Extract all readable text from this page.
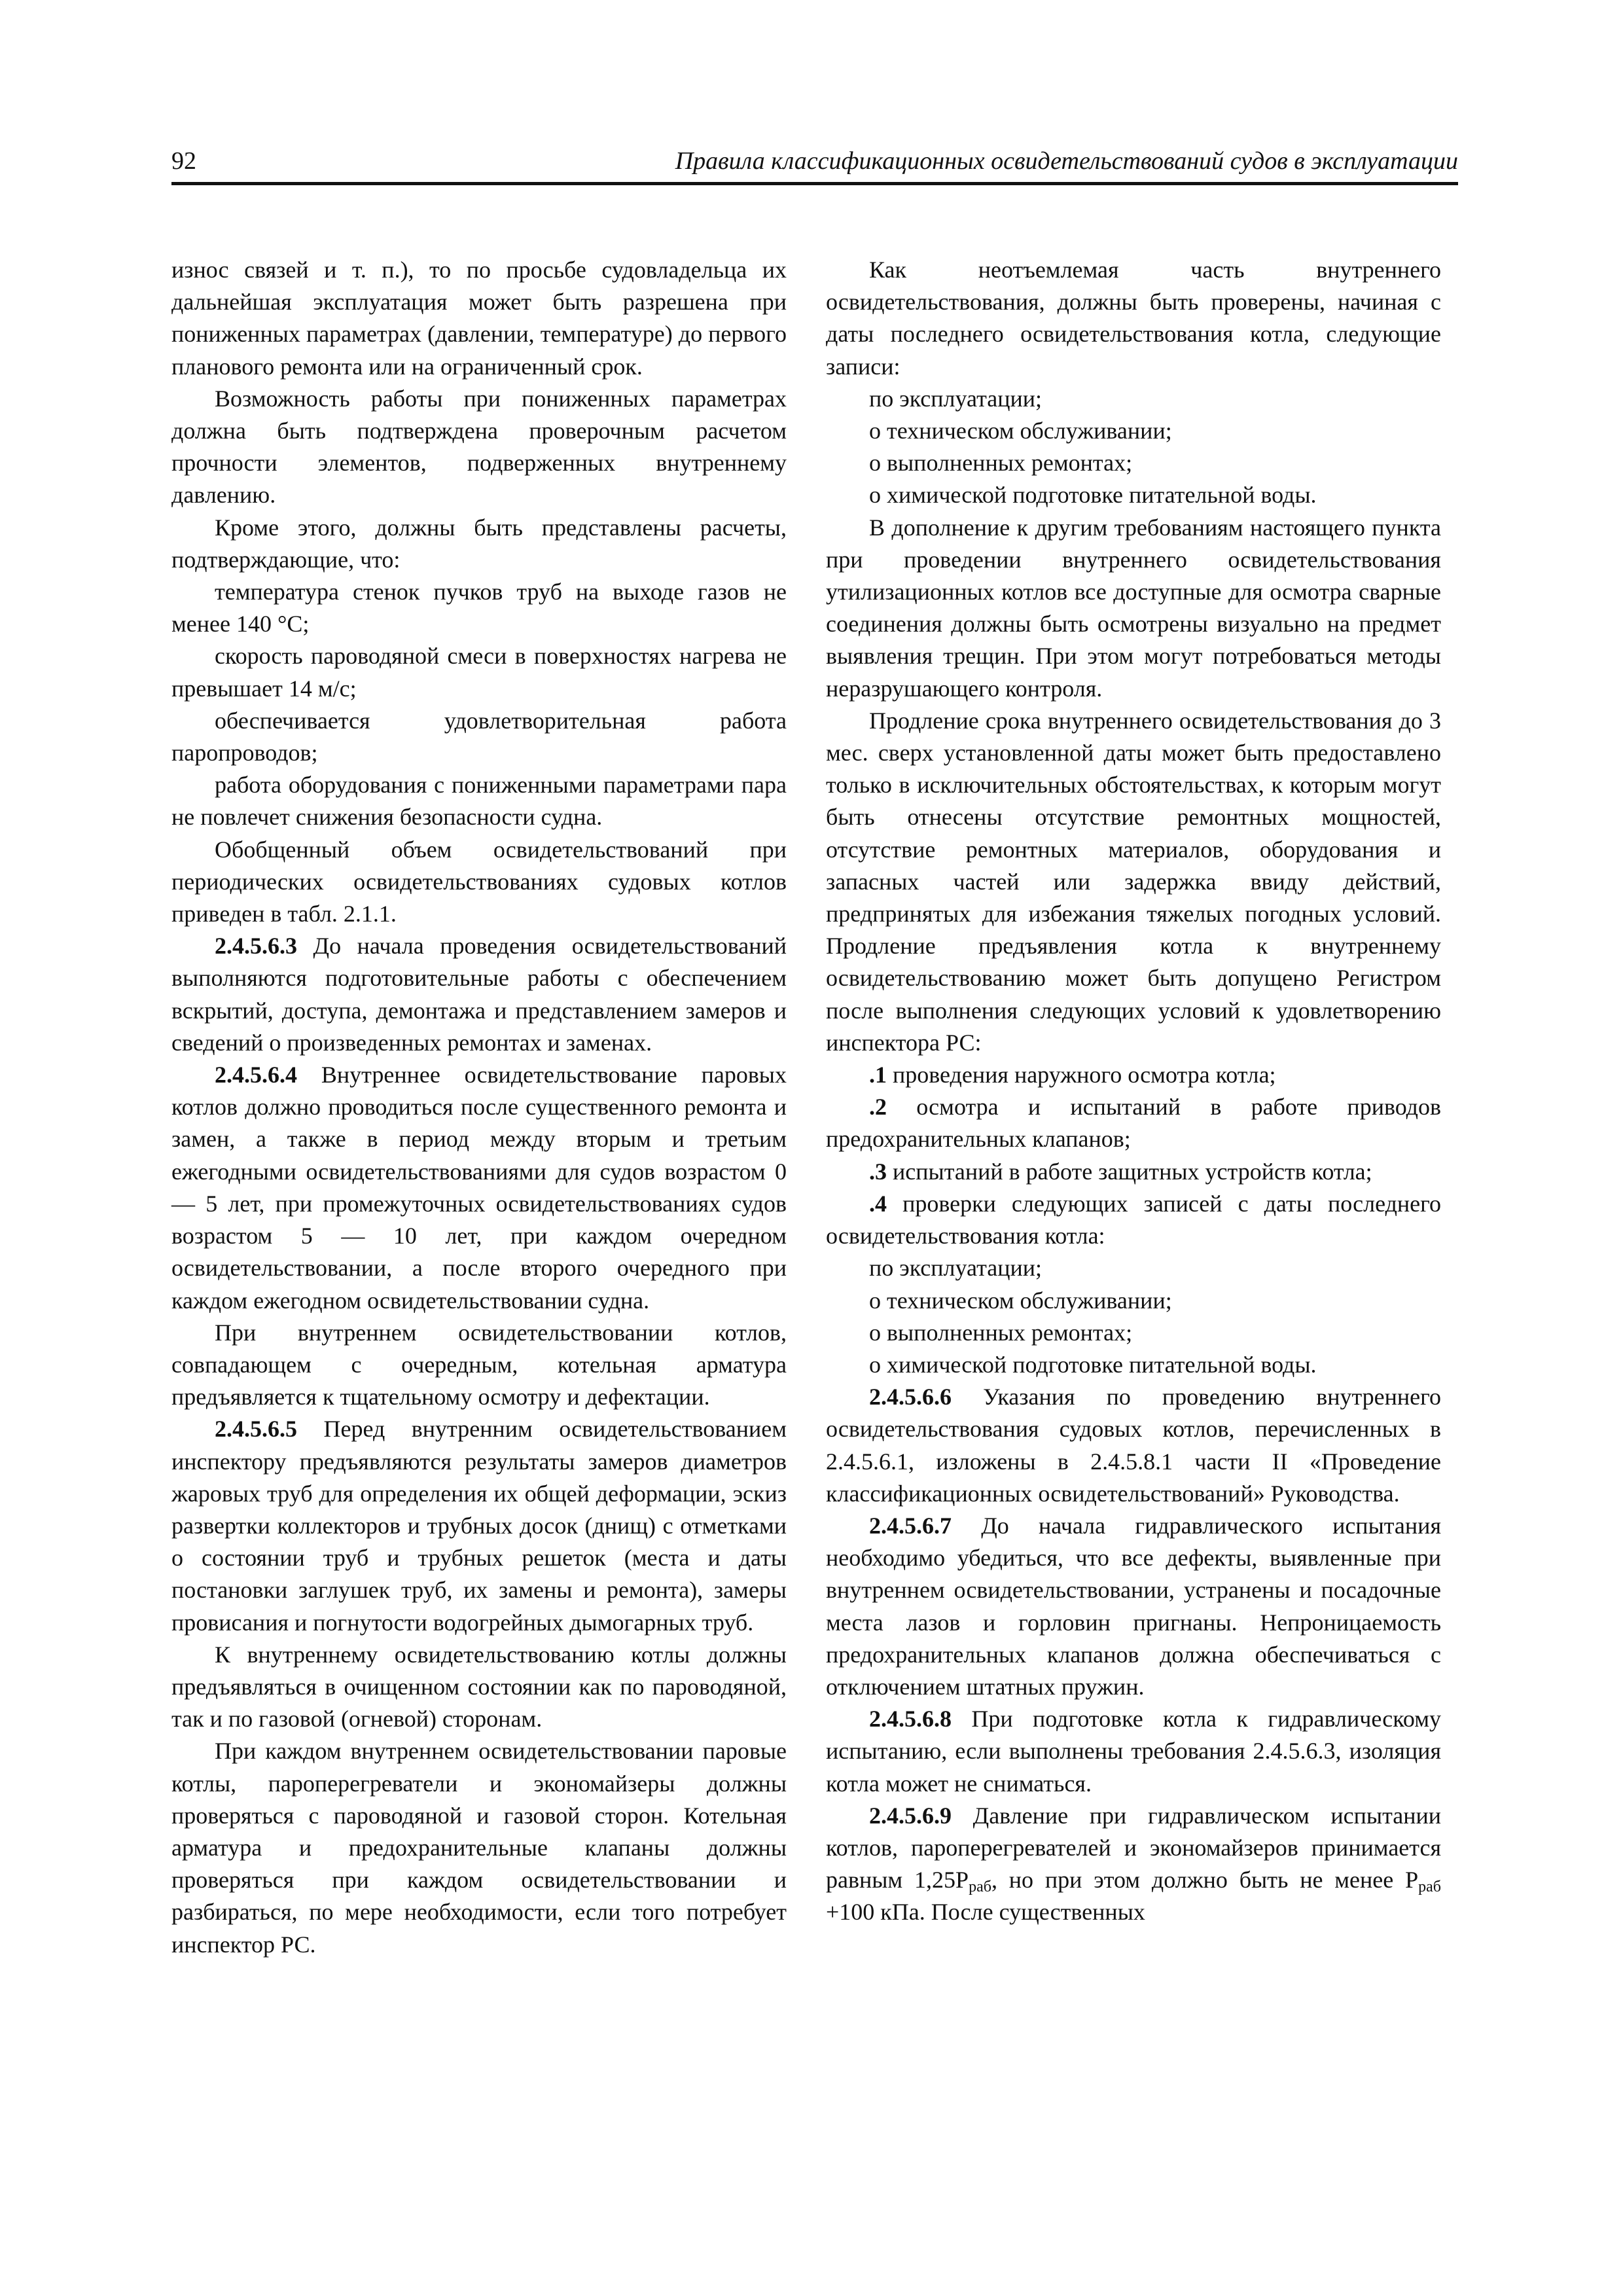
92	Правила классификационных освидетельствований судов в эксплуатации

износ связей и т. п.), то по просьбе судовладельца их дальнейшая эксплуатация может быть разрешена при пониженных параметрах (давлении, температуре) до первого планового ремонта или на ограниченный срок.

Возможность работы при пониженных параметрах должна быть подтверждена проверочным расчетом прочности элементов, подверженных внутреннему давлению.

Кроме этого, должны быть представлены расчеты, подтверждающие, что:

температура стенок пучков труб на выходе газов не менее 140 °С;

скорость пароводяной смеси в поверхностях нагрева не превышает 14 м/с;

обеспечивается удовлетворительная работа паропроводов;

работа оборудования с пониженными параметрами пара не повлечет снижения безопасности судна.

Обобщенный объем освидетельствований при периодических освидетельствованиях судовых котлов приведен в табл. 2.1.1.

2.4.5.6.3 До начала проведения освидетельствований выполняются подготовительные работы с обеспечением вскрытий, доступа, демонтажа и представлением замеров и сведений о произведенных ремонтах и заменах.

2.4.5.6.4 Внутреннее освидетельствование паровых котлов должно проводиться после существенного ремонта и замен, а также в период между вторым и третьим ежегодными освидетельствованиями для судов возрастом 0 — 5 лет, при промежуточных освидетельствованиях судов возрастом 5 — 10 лет, при каждом очередном освидетельствовании, а после второго очередного при каждом ежегодном освидетельствовании судна.

При внутреннем освидетельствовании котлов, совпадающем с очередным, котельная арматура предъявляется к тщательному осмотру и дефектации.

2.4.5.6.5 Перед внутренним освидетельствованием инспектору предъявляются результаты замеров диаметров жаровых труб для определения их общей деформации, эскиз развертки коллекторов и трубных досок (днищ) с отметками о состоянии труб и трубных решеток (места и даты постановки заглушек труб, их замены и ремонта), замеры провисания и погнутости водогрейных дымогарных труб.

К внутреннему освидетельствованию котлы должны предъявляться в очищенном состоянии как по пароводяной, так и по газовой (огневой) сторонам.

При каждом внутреннем освидетельствовании паровые котлы, пароперегреватели и экономайзеры должны проверяться с пароводяной и газовой сторон. Котельная арматура и предохранительные клапаны должны проверяться при каждом освидетельствовании и разбираться, по мере необходимости, если того потребует инспектор РС.

Как неотъемлемая часть внутреннего освидетельствования, должны быть проверены, начиная с даты последнего освидетельствования котла, следующие записи:

по эксплуатации;

о техническом обслуживании;

о выполненных ремонтах;

о химической подготовке питательной воды.

В дополнение к другим требованиям настоящего пункта при проведении внутреннего освидетельствования утилизационных котлов все доступные для осмотра сварные соединения должны быть осмотрены визуально на предмет выявления трещин. При этом могут потребоваться методы неразрушающего контроля.

Продление срока внутреннего освидетельствования до 3 мес. сверх установленной даты может быть предоставлено только в исключительных обстоятельствах, к которым могут быть отнесены отсутствие ремонтных мощностей, отсутствие ремонтных материалов, оборудования и запасных частей или задержка ввиду действий, предпринятых для избежания тяжелых погодных условий. Продление предъявления котла к внутреннему освидетельствованию может быть допущено Регистром после выполнения следующих условий к удовлетворению инспектора РС:

.1 проведения наружного осмотра котла;

.2 осмотра и испытаний в работе приводов предохранительных клапанов;

.3 испытаний в работе защитных устройств котла;

.4 проверки следующих записей с даты последнего освидетельствования котла:

по эксплуатации;

о техническом обслуживании;

о выполненных ремонтах;

о химической подготовке питательной воды.

2.4.5.6.6 Указания по проведению внутреннего освидетельствования судовых котлов, перечисленных в 2.4.5.6.1, изложены в 2.4.5.8.1 части II «Проведение классификационных освидетельствований» Руководства.

2.4.5.6.7 До начала гидравлического испытания необходимо убедиться, что все дефекты, выявленные при внутреннем освидетельствовании, устранены и посадочные места лазов и горловин пригнаны. Непроницаемость предохранительных клапанов должна обеспечиваться с отключением штатных пружин.

2.4.5.6.8 При подготовке котла к гидравлическому испытанию, если выполнены требования 2.4.5.6.3, изоляция котла может не сниматься.

2.4.5.6.9 Давление при гидравлическом испытании котлов, пароперегревателей и экономайзеров принимается равным $1,25P_{раб}$, но при этом должно быть не менее $P_{раб} +100$ кПа. После существенных
